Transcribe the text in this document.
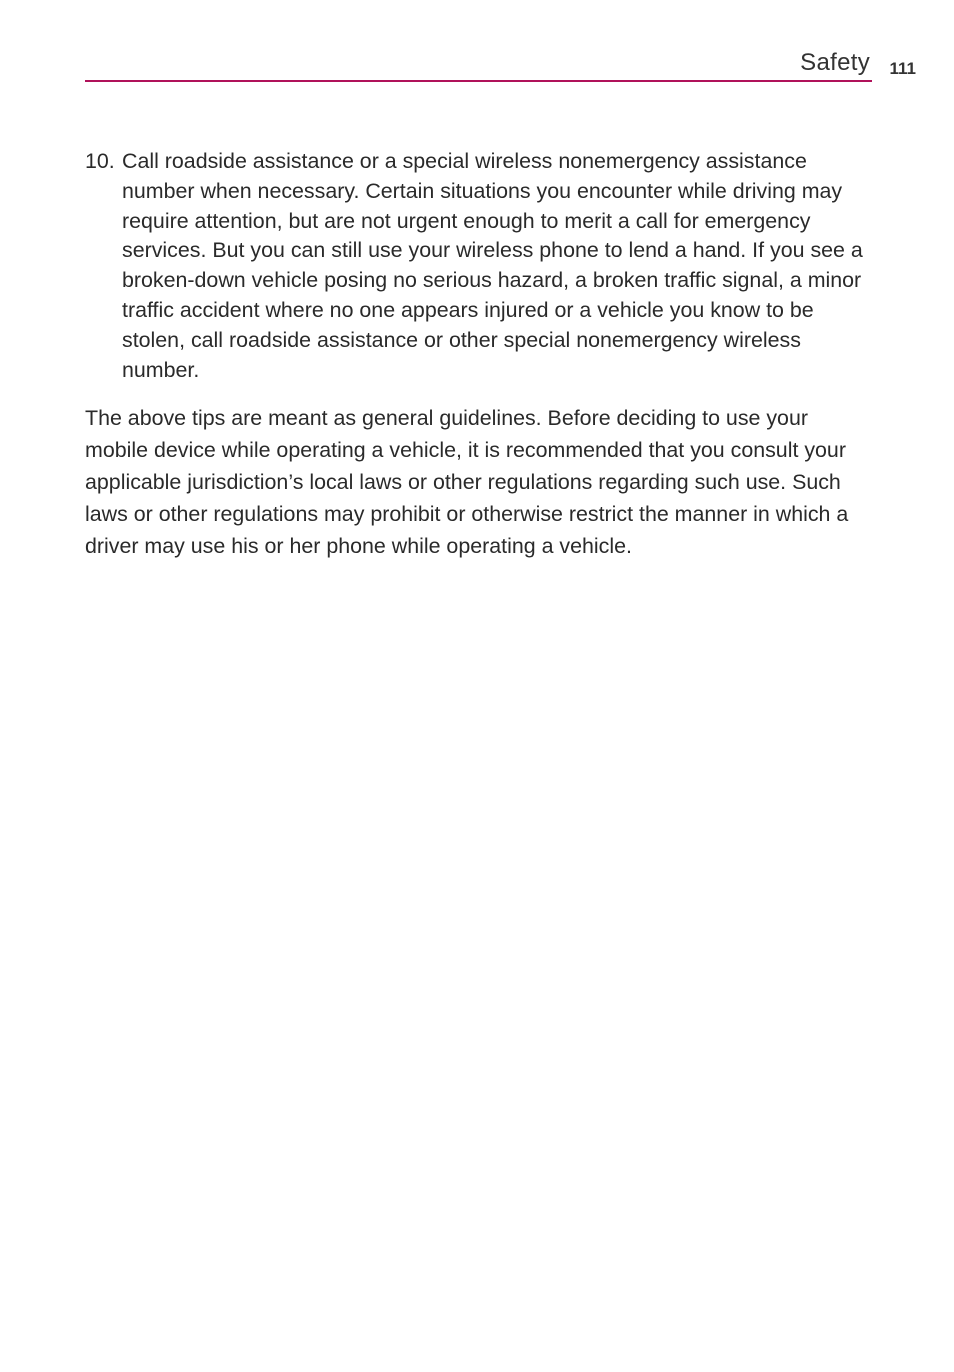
Safety 111
10. Call roadside assistance or a special wireless nonemergency assistance number when necessary. Certain situations you encounter while driving may require attention, but are not urgent enough to merit a call for emergency services. But you can still use your wireless phone to lend a hand. If you see a broken-down vehicle posing no serious hazard, a broken traffic signal, a minor traffic accident where no one appears injured or a vehicle you know to be stolen, call roadside assistance or other special nonemergency wireless number.

The above tips are meant as general guidelines. Before deciding to use your mobile device while operating a vehicle, it is recommended that you consult your applicable jurisdiction’s local laws or other regulations regarding such use. Such laws or other regulations may prohibit or otherwise restrict the manner in which a driver may use his or her phone while operating a vehicle.
